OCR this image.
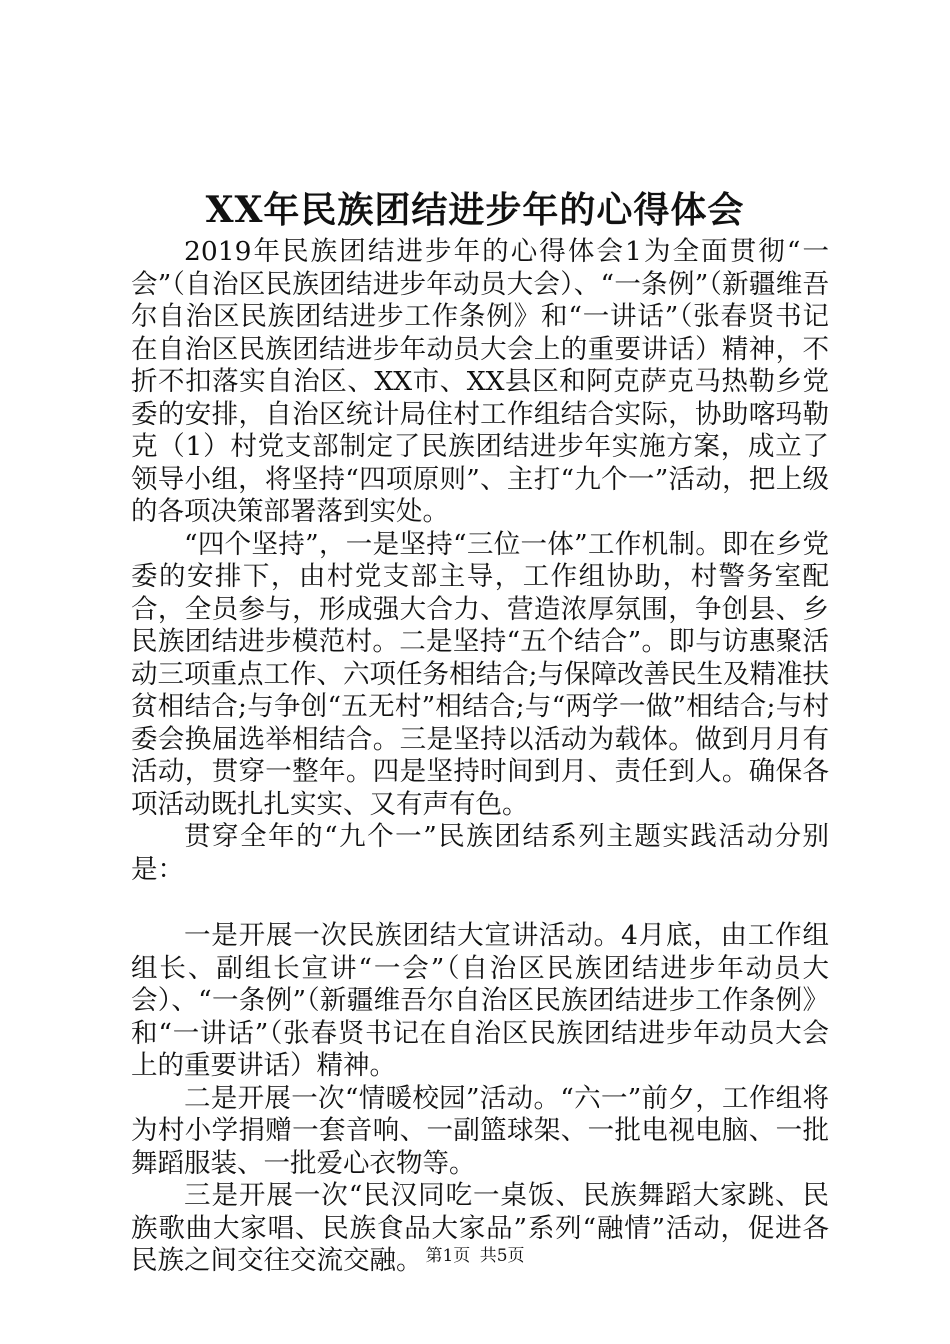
XX年民族团结进步年的心得体会

2019年民族团结进步年的心得体会1为全面贯彻“一会”（自治区民族团结进步年动员大会）、“一条例”（新疆维吾尔自治区民族团结进步工作条例》和“一讲话”（张春贤书记在自治区民族团结进步年动员大会上的重要讲话）精神，不折不扣落实自治区、XX市、XX县区和阿克萨克马热勒乡党委的安排，自治区统计局住村工作组结合实际，协助喀玛勒克（1）村党支部制定了民族团结进步年实施方案，成立了领导小组，将坚持“四项原则”、主打“九个一”活动，把上级的各项决策部署落到实处。

“四个坚持”，一是坚持“三位一体”工作机制。即在乡党委的安排下，由村党支部主导，工作组协助，村警务室配合，全员参与，形成强大合力、营造浓厚氛围，争创县、乡民族团结进步模范村。二是坚持“五个结合”。即与访惠聚活动三项重点工作、六项任务相结合;与保障改善民生及精准扶贫相结合;与争创“五无村”相结合;与“两学一做”相结合;与村委会换届选举相结合。三是坚持以活动为载体。做到月月有活动，贯穿一整年。四是坚持时间到月、责任到人。确保各项活动既扎扎实实、又有声有色。

贯穿全年的“九个一”民族团结系列主题实践活动分别是：

一是开展一次民族团结大宣讲活动。4月底，由工作组组长、副组长宣讲“一会”（自治区民族团结进步年动员大会）、“一条例”（新疆维吾尔自治区民族团结进步工作条例》和“一讲话”（张春贤书记在自治区民族团结进步年动员大会上的重要讲话）精神。

二是开展一次“情暖校园”活动。“六一”前夕，工作组将为村小学捐赠一套音响、一副篮球架、一批电视电脑、一批舞蹈服装、一批爱心衣物等。

三是开展一次“民汉同吃一桌饭、民族舞蹈大家跳、民族歌曲大家唱、民族食品大家品”系列“融情”活动，促进各民族之间交往交流交融。 第1页 共5页
